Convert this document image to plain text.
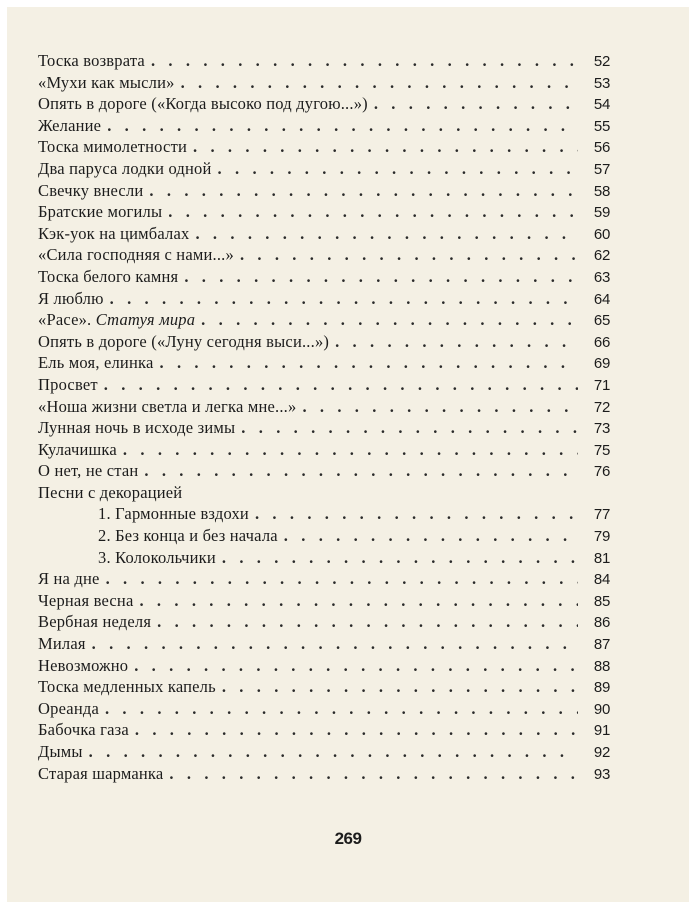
Тоска возврата . . .	52
«Мухи как мысли» . . .	53
Опять в дороге («Когда высоко под дугою...») . . .	54
Желание . . .	55
Тоска мимолетности . . .	56
Два паруса лодки одной . . .	57
Свечку внесли . . .	58
Братские могилы . . .	59
Кэк-уок на цимбалах . . .	60
«Сила господняя с нами...» . . .	62
Тоска белого камня . . .	63
Я люблю . . .	64
«Расе». Статуя мира . . .	65
Опять в дороге («Луну сегодня выси...») . . .	66
Ель моя, елинка . . .	69
Просвет . . .	71
«Ноша жизни светла и легка мне...» . . .	72
Лунная ночь в исходе зимы . . .	73
Кулачишка . . .	75
О нет, не стан . . .	76
Песни с декорацией
1. Гармонные вздохи . . .	77
2. Без конца и без начала . . .	79
3. Колокольчики . . .	81
Я на дне . . .	84
Черная весна . . .	85
Вербная неделя . . .	86
Милая . . .	87
Невозможно . . .	88
Тоска медленных капель . . .	89
Ореанда . . .	90
Бабочка газа . . .	91
Дымы . . .	92
Старая шарманка . . .	93
269
